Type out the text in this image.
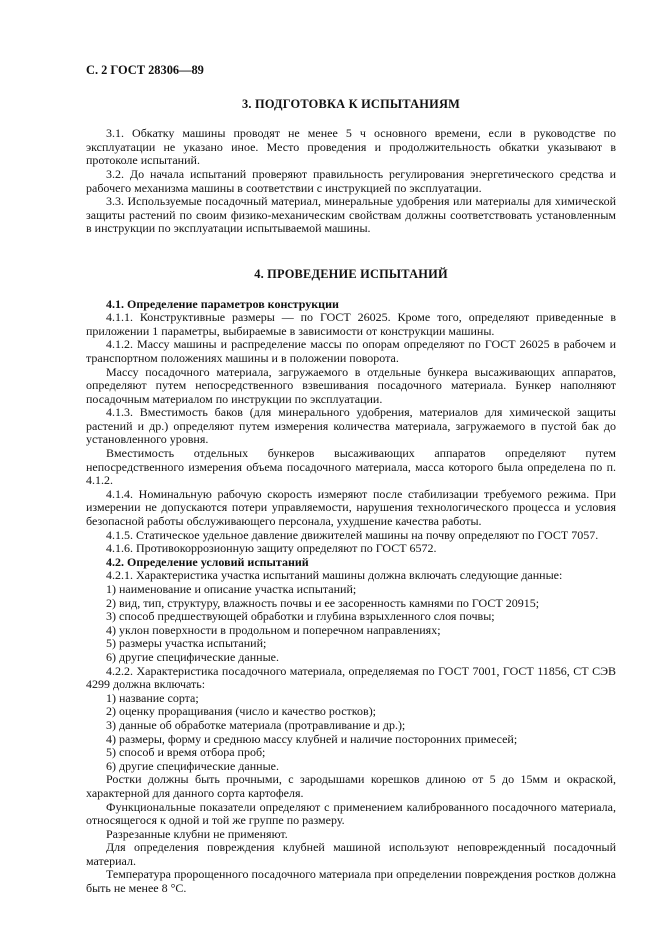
С. 2 ГОСТ 28306—89
3. ПОДГОТОВКА К ИСПЫТАНИЯМ

3.1. Обкатку машины проводят не менее 5 ч основного времени, если в руководстве по эксплуатации не указано иное. Место проведения и продолжительность обкатки указывают в протоколе испытаний.

3.2. До начала испытаний проверяют правильность регулирования энергетического средства и рабочего механизма машины в соответствии с инструкцией по эксплуатации.

3.3. Используемые посадочный материал, минеральные удобрения или материалы для химической защиты растений по своим физико-механическим свойствам должны соответствовать установленным в инструкции по эксплуатации испытываемой машины.

4. ПРОВЕДЕНИЕ ИСПЫТАНИЙ

4.1. Определение параметров конструкции

4.1.1. Конструктивные размеры — по ГОСТ 26025. Кроме того, определяют приведенные в приложении 1 параметры, выбираемые в зависимости от конструкции машины.

4.1.2. Массу машины и распределение массы по опорам определяют по ГОСТ 26025 в рабочем и транспортном положениях машины и в положении поворота.

Массу посадочного материала, загружаемого в отдельные бункера высаживающих аппаратов, определяют путем непосредственного взвешивания посадочного материала. Бункер наполняют посадочным материалом по инструкции по эксплуатации.

4.1.3. Вместимость баков (для минерального удобрения, материалов для химической защиты растений и др.) определяют путем измерения количества материала, загружаемого в пустой бак до установленного уровня.

Вместимость отдельных бункеров высаживающих аппаратов определяют путем непосредственного измерения объема посадочного материала, масса которого была определена по п. 4.1.2.

4.1.4. Номинальную рабочую скорость измеряют после стабилизации требуемого режима. При измерении не допускаются потери управляемости, нарушения технологического процесса и условия безопасной работы обслуживающего персонала, ухудшение качества работы.

4.1.5. Статическое удельное давление движителей машины на почву определяют по ГОСТ 7057.

4.1.6. Противокоррозионную защиту определяют по ГОСТ 6572.

4.2. Определение условий испытаний

4.2.1. Характеристика участка испытаний машины должна включать следующие данные:

1) наименование и описание участка испытаний;

2) вид, тип, структуру, влажность почвы и ее засоренность камнями по ГОСТ 20915;

3) способ предшествующей обработки и глубина взрыхленного слоя почвы;

4) уклон поверхности в продольном и поперечном направлениях;

5) размеры участка испытаний;

6) другие специфические данные.

4.2.2. Характеристика посадочного материала, определяемая по ГОСТ 7001, ГОСТ 11856, СТ СЭВ 4299 должна включать:

1) название сорта;

2) оценку проращивания (число и качество ростков);

3) данные об обработке материала (протравливание и др.);

4) размеры, форму и среднюю массу клубней и наличие посторонних примесей;

5) способ и время отбора проб;

6) другие специфические данные.

Ростки должны быть прочными, с зародышами корешков длиною от 5 до 15мм и окраской, характерной для данного сорта картофеля.

Функциональные показатели определяют с применением калиброванного посадочного материала, относящегося к одной и той же группе по размеру.

Разрезанные клубни не применяют.

Для определения повреждения клубней машиной используют неповрежденный посадочный материал.

Температура пророщенного посадочного материала при определении повреждения ростков должна быть не менее 8 °С.
